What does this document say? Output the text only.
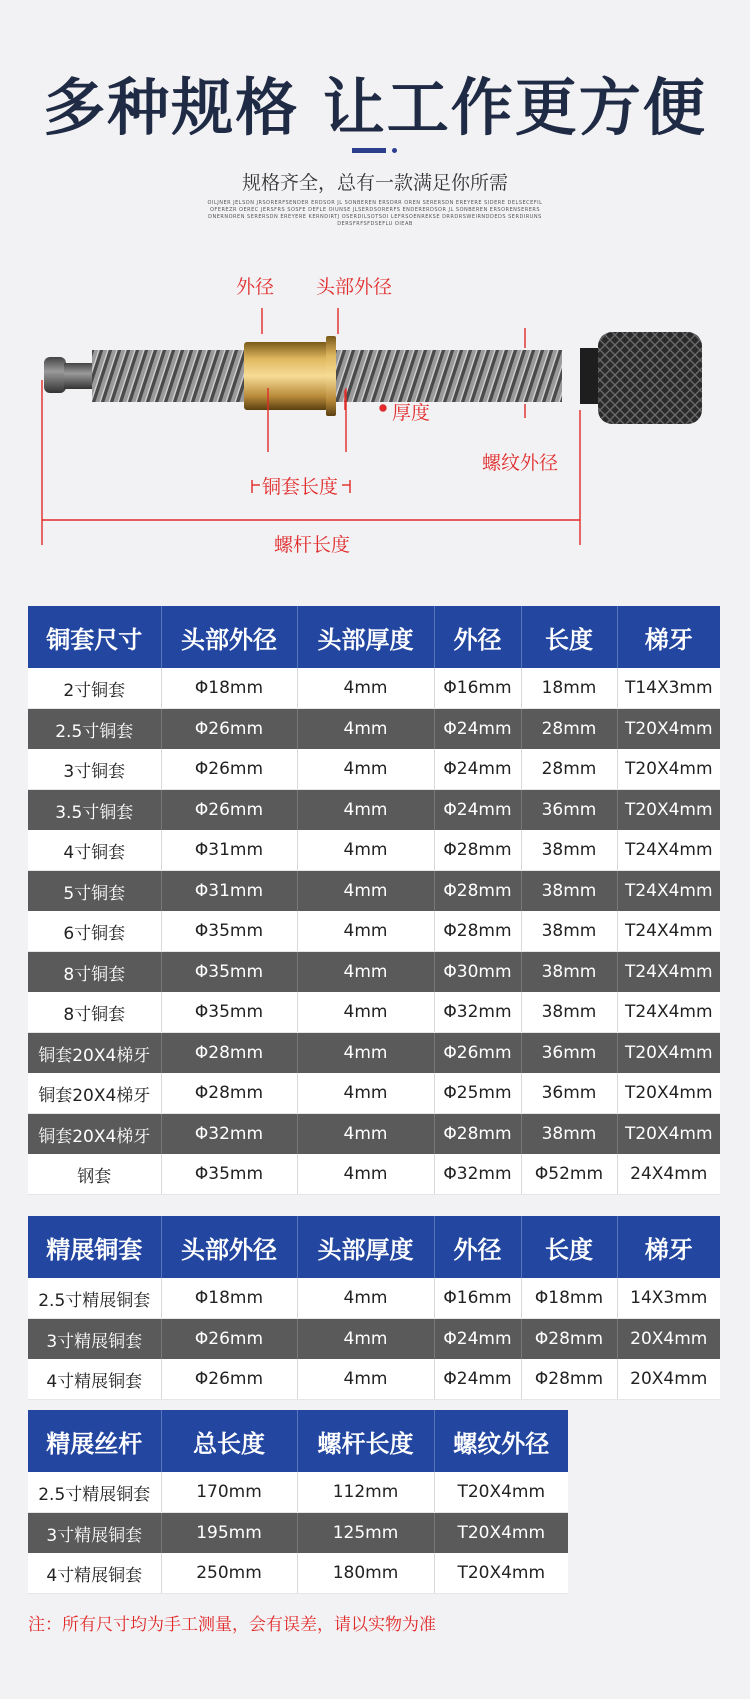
多种规格 让工作更方便
规格齐全，总有一款满足你所需
OILJNER JELSON JRSORERFSENDER ERDSOR JL SONBEREN ERSDRR OREN SERERSDN EREYERE SIDERE DELSECEFIL OFEREZR OEREC JERSFRS SOSFE DEFLE OIUNSE JLSERDSORERFS ENDERERDSOR JL SONBEREN ERSORENSERERS DNERNOREN SERERSDN EREYERE KERNDIRTJ OSERDILSOTSOI LEFRSOENREKSE DRRDRSWEIRNDDEDS SERDIRUNS DERSFRFSFDSEFLU OIEAB
外径 头部外径
厚度
螺纹外径
铜套长度
螺杆长度
铜套尺寸	头部外径	头部厚度	外径	长度	梯牙
2寸铜套	Φ18mm	4mm	Φ16mm	18mm	T14X3mm
2.5寸铜套	Φ26mm	4mm	Φ24mm	28mm	T20X4mm
3寸铜套	Φ26mm	4mm	Φ24mm	28mm	T20X4mm
3.5寸铜套	Φ26mm	4mm	Φ24mm	36mm	T20X4mm
4寸铜套	Φ31mm	4mm	Φ28mm	38mm	T24X4mm
5寸铜套	Φ31mm	4mm	Φ28mm	38mm	T24X4mm
6寸铜套	Φ35mm	4mm	Φ28mm	38mm	T24X4mm
8寸铜套	Φ35mm	4mm	Φ30mm	38mm	T24X4mm
8寸铜套	Φ35mm	4mm	Φ32mm	38mm	T24X4mm
铜套20X4梯牙	Φ28mm	4mm	Φ26mm	36mm	T20X4mm
铜套20X4梯牙	Φ28mm	4mm	Φ25mm	36mm	T20X4mm
铜套20X4梯牙	Φ32mm	4mm	Φ28mm	38mm	T20X4mm
钢套	Φ35mm	4mm	Φ32mm	Φ52mm	24X4mm
精展铜套	头部外径	头部厚度	外径	长度	梯牙
2.5寸精展铜套	Φ18mm	4mm	Φ16mm	Φ18mm	14X3mm
3寸精展铜套	Φ26mm	4mm	Φ24mm	Φ28mm	20X4mm
4寸精展铜套	Φ26mm	4mm	Φ24mm	Φ28mm	20X4mm
精展丝杆	总长度	螺杆长度	螺纹外径
2.5寸精展铜套	170mm	112mm	T20X4mm
3寸精展铜套	195mm	125mm	T20X4mm
4寸精展铜套	250mm	180mm	T20X4mm
注：所有尺寸均为手工测量，会有误差，请以实物为准
